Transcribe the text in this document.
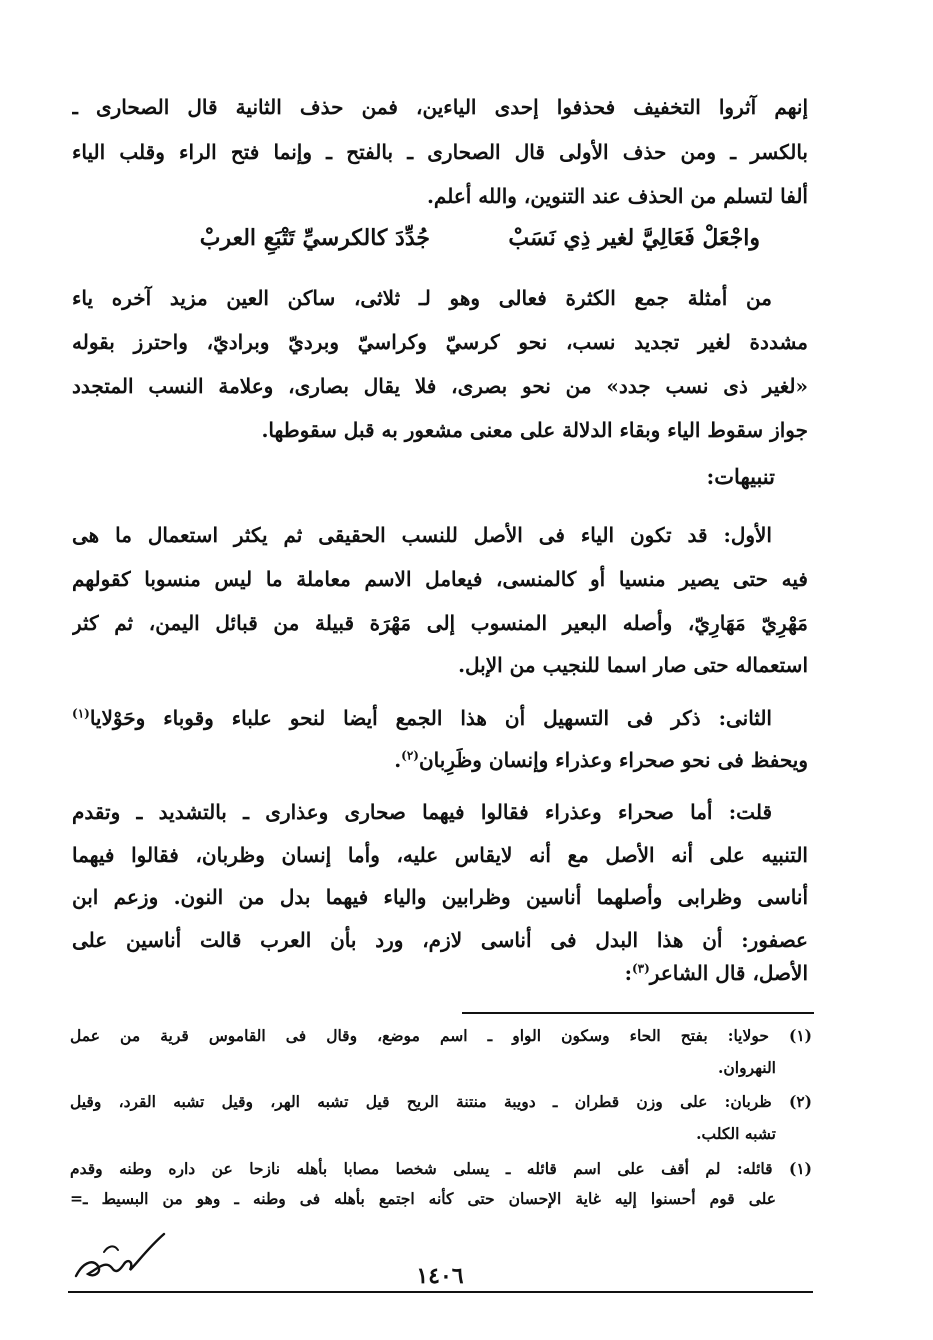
إنهم آثروا التخفيف فحذفوا إحدى الياءين، فمن حذف الثانية قال الصحارى ـ
بالكسر ـ ومن حذف الأولى قال الصحارى ـ بالفتح ـ وإنما فتح الراء وقلب الياء
ألفا لتسلم من الحذف عند التنوين، والله أعلم.
واجْعَلْ فَعَالِيَّ لغير ذِي نَسَبْ
جُدِّدَ كالكرسيِّ تَتْبَعِ العربْ
من أمثلة جمع الكثرة فعالى وهو لـ ثلاثى، ساكن العين مزيد آخره ياء
مشددة لغير تجديد نسب، نحو كرسيّ وكراسيّ وبرديّ وبراديّ، واحترز بقوله
«لغير ذى نسب جدد» من نحو بصرى، فلا يقال بصارى، وعلامة النسب المتجدد
جواز سقوط الياء وبقاء الدلالة على معنى مشعور به قبل سقوطها.
تنبيهات:
الأول: قد تكون الياء فى الأصل للنسب الحقيقى ثم يكثر استعمال ما هى
فيه حتى يصير منسيا أو كالمنسى، فيعامل الاسم معاملة ما ليس منسوبا كقولهم
مَهْرِيّ مَهَارِيّ، وأصله البعير المنسوب إلى مَهْرَة قبيلة من قبائل اليمن، ثم كثر
استعماله حتى صار اسما للنجيب من الإبل.
الثانى: ذكر فى التسهيل أن هذا الجمع أيضا لنحو علباء وقوباء وحَوْلايا$^{(١)}$
ويحفظ فى نحو صحراء وعذراء وإنسان وظَرِبان$^{(٢)}$.
قلت: أما صحراء وعذراء فقالوا فيهما صحارى وعذارى ـ بالتشديد ـ وتقدم
التنبيه على أنه الأصل مع أنه لايقاس عليه، وأما إنسان وظربان، فقالوا فيهما
أناسى وظرابى وأصلهما أناسين وظرابين والياء فيهما بدل من النون. وزعم ابن
عصفور: أن هذا البدل فى أناسى لازم، ورد بأن العرب قالت أناسين على
الأصل، قال الشاعر$^{(٣)}$:
(١) حولايا: بفتح الحاء وسكون الواو ـ اسم موضع، وقال فى القاموس قرية من عمل
النهروان.
(٢) ظربان: على وزن قطران ـ دويبة منتنة الريح قيل تشبه الهر، وقيل تشبه القرد، وقيل
تشبه الكلب.
(١) قائله: لم أقف على اسم قائله ـ يسلى شخصا مصابا بأهله نازحا عن داره وطنه وقدم
على قوم أحسنوا إليه غاية الإحسان حتى كأنه اجتمع بأهله فى وطنه ـ وهو من البسيط ـ=
١٤٠٦
